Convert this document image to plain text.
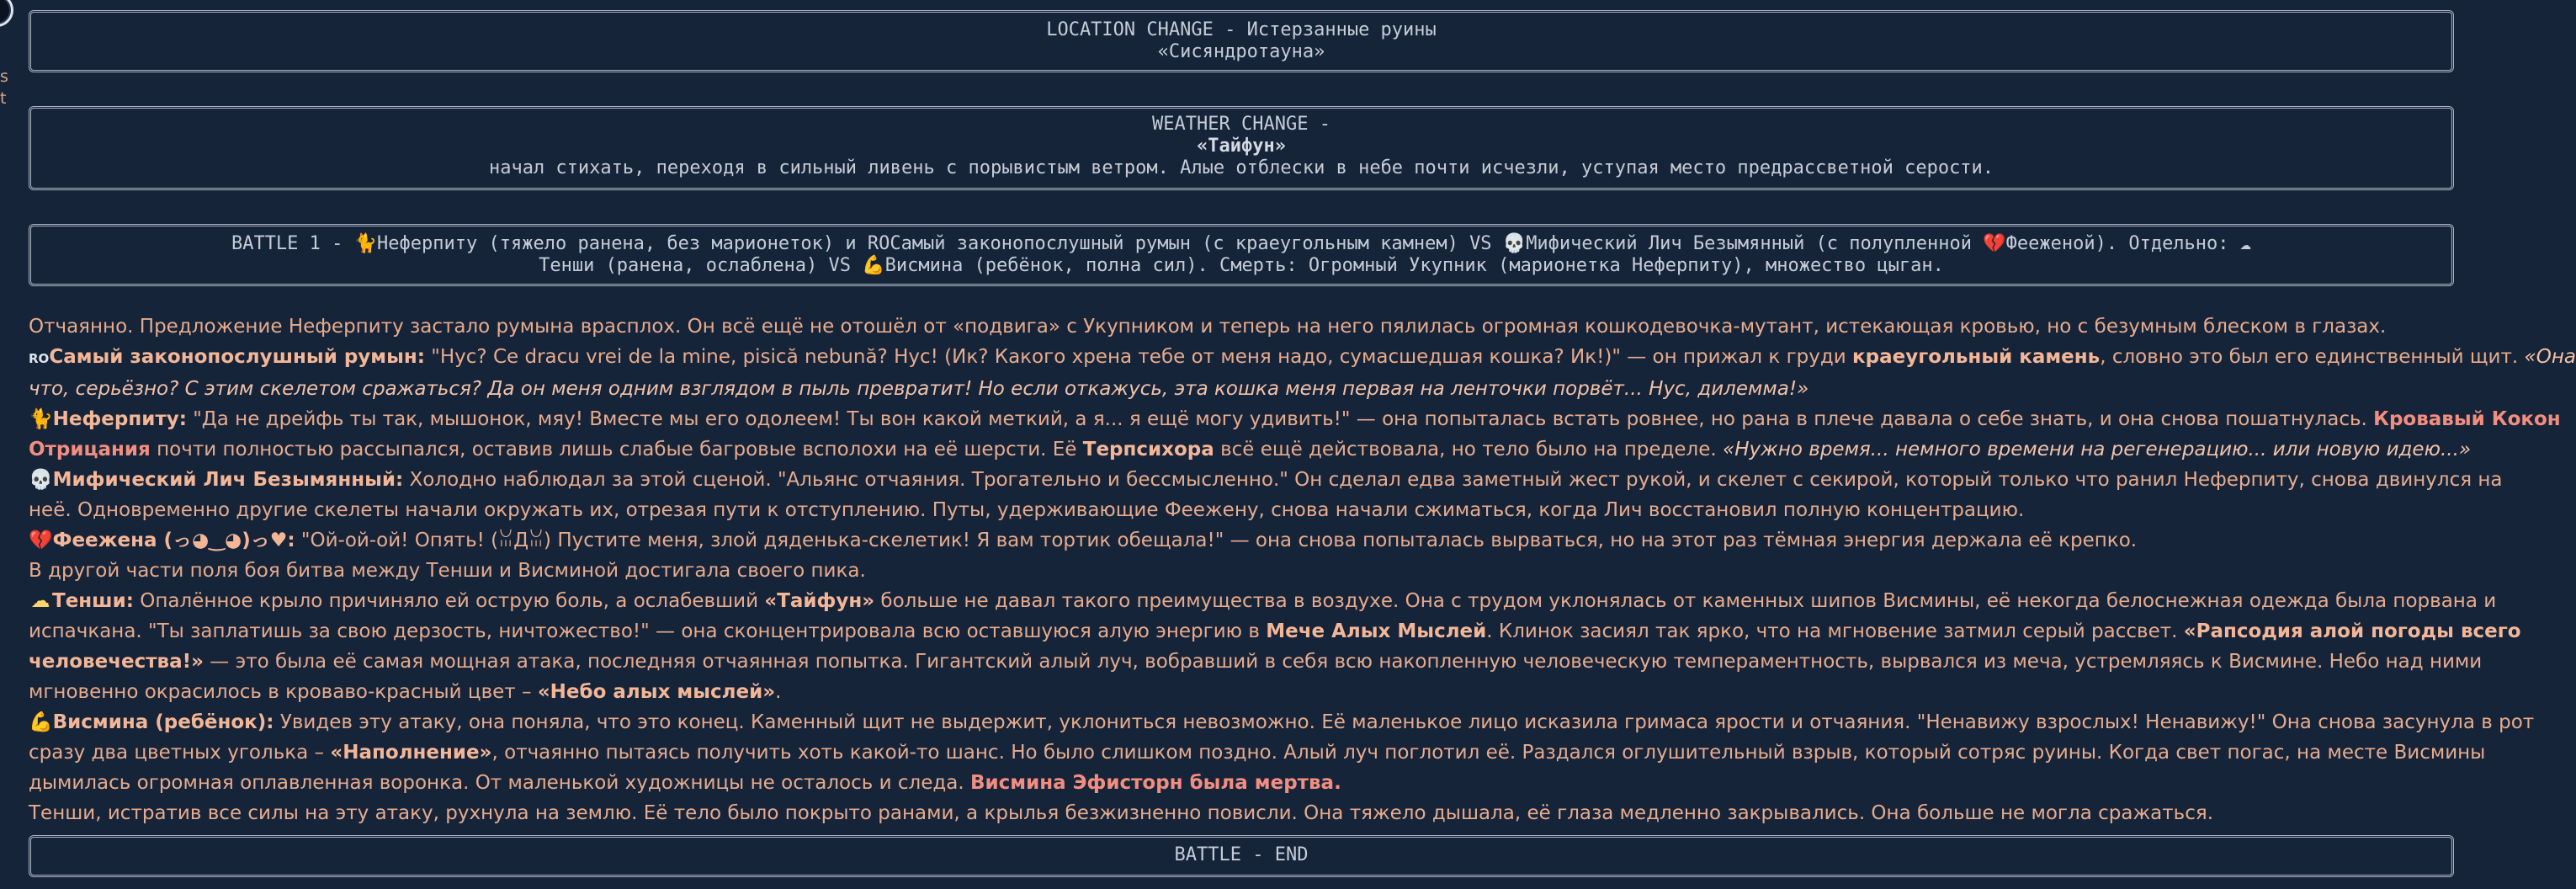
s
t
LOCATION CHANGE - Истерзанные руины
«Сисяндротауна»
WEATHER CHANGE -
«Тайфун»
начал стихать, переходя в сильный ливень с порывистым ветром. Алые отблески в небе почти исчезли, уступая место предрассветной серости.
BATTLE 1 - 🐈Неферпиту (тяжело ранена, без марионеток) и ROСамый законопослушный румын (с краеугольным камнем) VS 💀Мифический Лич Безымянный (с полупленной 💔Фееженой). Отдельно: ☁
Тенши (ранена, ослаблена) VS 💪Висмина (ребёнок, полна сил). Смерть: Огромный Укупник (марионетка Неферпиту), множество цыган.

Отчаянно. Предложение Неферпиту застало румына врасплох. Он всё ещё не отошёл от «подвига» с Укупником и теперь на него пялилась огромная кошкодевочка-мутант, истекающая кровью, но с безумным блеском в глазах.

ROСамый законопослушный румын: "Нус? Ce dracu vrei de la mine, pisică nebună? Нус! (Ик? Какого хрена тебе от меня надо, сумасшедшая кошка? Ик!)" — он прижал к груди краеугольный камень, словно это был его единственный щит. «Она

что, серьёзно? С этим скелетом сражаться? Да он меня одним взглядом в пыль превратит! Но если откажусь, эта кошка меня первая на ленточки порвёт... Нус, дилемма!»

🐈Неферпиту: "Да не дрейфь ты так, мышонок, мяу! Вместе мы его одолеем! Ты вон какой меткий, а я... я ещё могу удивить!" — она попыталась встать ровнее, но рана в плече давала о себе знать, и она снова пошатнулась. Кровавый Кокон

Отрицания почти полностью рассыпался, оставив лишь слабые багровые всполохи на её шерсти. Её Терпсихора всё ещё действовала, но тело было на пределе. «Нужно время... немного времени на регенерацию... или новую идею...»

💀Мифический Лич Безымянный: Холодно наблюдал за этой сценой. "Альянс отчаяния. Трогательно и бессмысленно." Он сделал едва заметный жест рукой, и скелет с секирой, который только что ранил Неферпиту, снова двинулся на

неё. Одновременно другие скелеты начали окружать их, отрезая пути к отступлению. Путы, удерживающие Феежену, снова начали сжиматься, когда Лич восстановил полную концентрацию.

💔Феежена (っ◕‿◕)っ♥: "Ой-ой-ой! Опять! (ꈍДꈍ) Пустите меня, злой дяденька-скелетик! Я вам тортик обещала!" — она снова попыталась вырваться, но на этот раз тёмная энергия держала её крепко.

В другой части поля боя битва между Тенши и Висминой достигала своего пика.

☁ Тенши: Опалённое крыло причиняло ей острую боль, а ослабевший «Тайфун» больше не давал такого преимущества в воздухе. Она с трудом уклонялась от каменных шипов Висмины, её некогда белоснежная одежда была порвана и

испачкана. "Ты заплатишь за свою дерзость, ничтожество!" — она сконцентрировала всю оставшуюся алую энергию в Мече Алых Мыслей. Клинок засиял так ярко, что на мгновение затмил серый рассвет. «Рапсодия алой погоды всего

человечества!» — это была её самая мощная атака, последняя отчаянная попытка. Гигантский алый луч, вобравший в себя всю накопленную человеческую темпераментность, вырвался из меча, устремляясь к Висмине. Небо над ними

мгновенно окрасилось в кроваво-красный цвет – «Небо алых мыслей».

💪Висмина (ребёнок): Увидев эту атаку, она поняла, что это конец. Каменный щит не выдержит, уклониться невозможно. Её маленькое лицо исказила гримаса ярости и отчаяния. "Ненавижу взрослых! Ненавижу!" Она снова засунула в рот

сразу два цветных уголька – «Наполнение», отчаянно пытаясь получить хоть какой-то шанс. Но было слишком поздно. Алый луч поглотил её. Раздался оглушительный взрыв, который сотряс руины. Когда свет погас, на месте Висмины

дымилась огромная оплавленная воронка. От маленькой художницы не осталось и следа. Висмина Эфисторн была мертва.

Тенши, истратив все силы на эту атаку, рухнула на землю. Её тело было покрыто ранами, а крылья безжизненно повисли. Она тяжело дышала, её глаза медленно закрывались. Она больше не могла сражаться.

BATTLE - END
